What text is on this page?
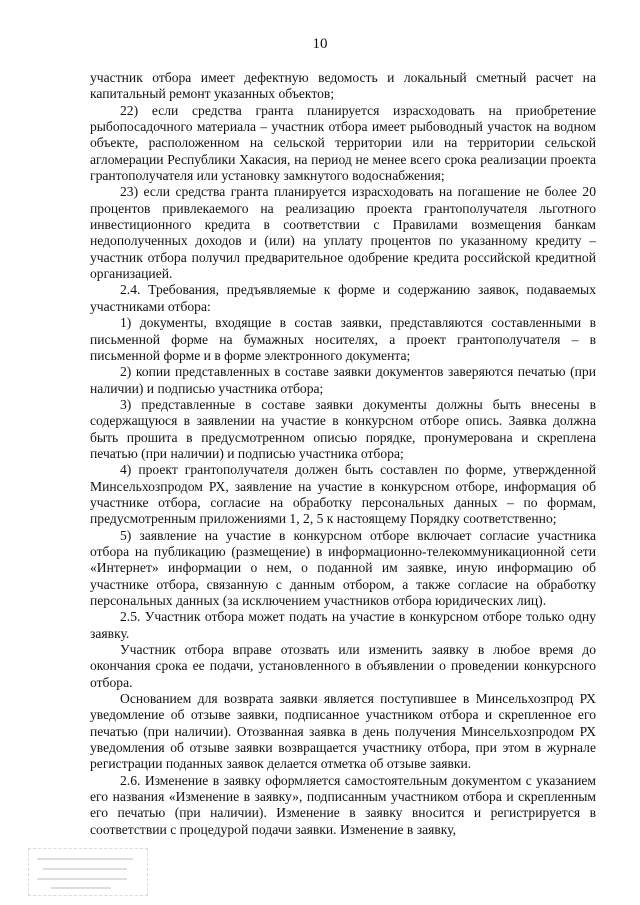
10

участник отбора имеет дефектную ведомость и локальный сметный расчет на капитальный ремонт указанных объектов;

22) если средства гранта планируется израсходовать на приобретение рыбопосадочного материала – участник отбора имеет рыбоводный участок на водном объекте, расположенном на сельской территории или на территории сельской агломерации Республики Хакасия, на период не менее всего срока реализации проекта грантополучателя или установку замкнутого водоснабжения;

23) если средства гранта планируется израсходовать на погашение не более 20 процентов привлекаемого на реализацию проекта грантополучателя льготного инвестиционного кредита в соответствии с Правилами возмещения банкам недополученных доходов и (или) на уплату процентов по указанному кредиту – участник отбора получил предварительное одобрение кредита российской кредитной организацией.

2.4. Требования, предъявляемые к форме и содержанию заявок, подаваемых участниками отбора:

1) документы, входящие в состав заявки, представляются составленными в письменной форме на бумажных носителях, а проект грантополучателя – в письменной форме и в форме электронного документа;

2) копии представленных в составе заявки документов заверяются печатью (при наличии) и подписью участника отбора;

3) представленные в составе заявки документы должны быть внесены в содержащуюся в заявлении на участие в конкурсном отборе опись. Заявка должна быть прошита в предусмотренном описью порядке, пронумерована и скреплена печатью (при наличии) и подписью участника отбора;

4) проект грантополучателя должен быть составлен по форме, утвержденной Минсельхозпродом РХ, заявление на участие в конкурсном отборе, информация об участнике отбора, согласие на обработку персональных данных – по формам, предусмотренным приложениями 1, 2, 5 к настоящему Порядку соответственно;

5) заявление на участие в конкурсном отборе включает согласие участника отбора на публикацию (размещение) в информационно-телекоммуникационной сети «Интернет» информации о нем, о поданной им заявке, иную информацию об участнике отбора, связанную с данным отбором, а также согласие на обработку персональных данных (за исключением участников отбора юридических лиц).

2.5. Участник отбора может подать на участие в конкурсном отборе только одну заявку.

Участник отбора вправе отозвать или изменить заявку в любое время до окончания срока ее подачи, установленного в объявлении о проведении конкурсного отбора.

Основанием для возврата заявки является поступившее в Минсельхозпрод РХ уведомление об отзыве заявки, подписанное участником отбора и скрепленное его печатью (при наличии). Отозванная заявка в день получения Минсельхозпродом РХ уведомления об отзыве заявки возвращается участнику отбора, при этом в журнале регистрации поданных заявок делается отметка об отзыве заявки.

2.6. Изменение в заявку оформляется самостоятельным документом с указанием его названия «Изменение в заявку», подписанным участником отбора и скрепленным его печатью (при наличии). Изменение в заявку вносится и регистрируется в соответствии с процедурой подачи заявки. Изменение в заявку,
